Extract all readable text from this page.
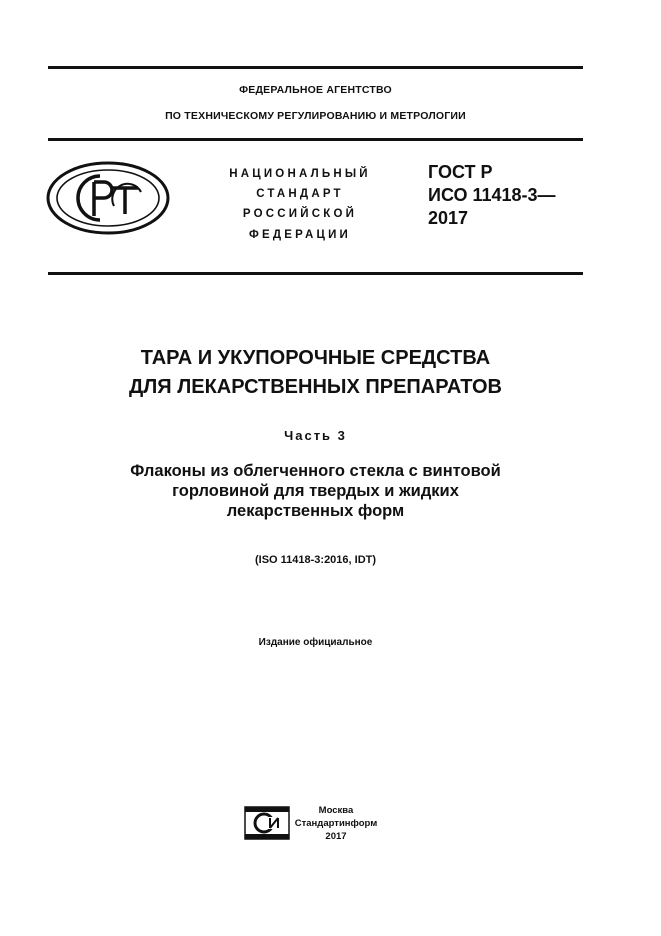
ФЕДЕРАЛЬНОЕ АГЕНТСТВО
ПО ТЕХНИЧЕСКОМУ РЕГУЛИРОВАНИЮ И МЕТРОЛОГИИ
НАЦИОНАЛЬНЫЙ
СТАНДАРТ
РОССИЙСКОЙ
ФЕДЕРАЦИИ
ГОСТ Р
ИСО 11418-3—
2017
ТАРА И УКУПОРОЧНЫЕ СРЕДСТВА
ДЛЯ ЛЕКАРСТВЕННЫХ ПРЕПАРАТОВ
Часть 3
Флаконы из облегченного стекла с винтовой
горловиной для твердых и жидких
лекарственных форм
(ISO 11418-3:2016, IDT)
Издание официальное
Москва
Стандартинформ
2017
